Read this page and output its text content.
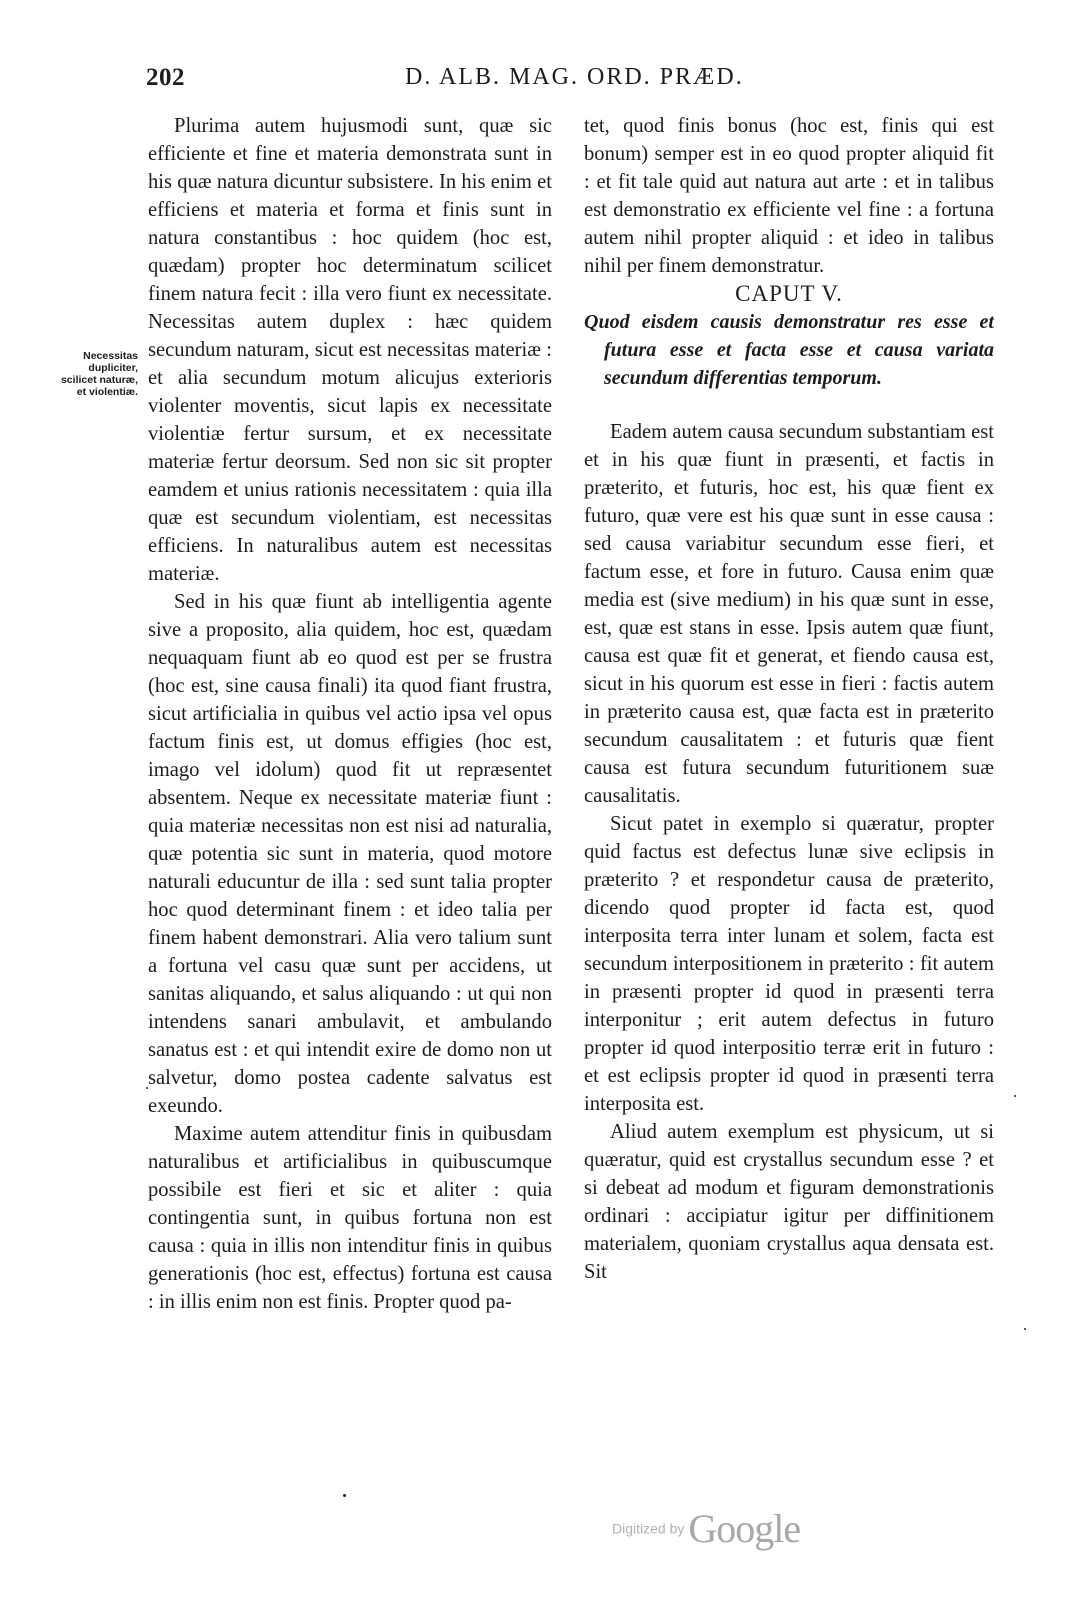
202	D. ALB. MAG. ORD. PRÆD.
Necessitas dupliciter, scilicet naturæ, et violentiæ.

Plurima autem hujusmodi sunt, quæ sic efficiente et fine et materia demonstrata sunt in his quæ natura dicuntur subsistere. In his enim et efficiens et materia et forma et finis sunt in natura constantibus : hoc quidem (hoc est, quædam) propter hoc determinatum scilicet finem natura fecit : illa vero fiunt ex necessitate. Necessitas autem duplex : hæc quidem secundum naturam, sicut est necessitas materiæ : et alia secundum motum alicujus exterioris violenter moventis, sicut lapis ex necessitate violentiæ fertur sursum, et ex necessitate materiæ fertur deorsum. Sed non sic sit propter eamdem et unius rationis necessitatem : quia illa quæ est secundum violentiam, est necessitas efficiens. In naturalibus autem est necessitas materiæ.

Sed in his quæ fiunt ab intelligentia agente sive a proposito, alia quidem, hoc est, quædam nequaquam fiunt ab eo quod est per se frustra (hoc est, sine causa finali) ita quod fiant frustra, sicut artificialia in quibus vel actio ipsa vel opus factum finis est, ut domus effigies (hoc est, imago vel idolum) quod fit ut repræsentet absentem. Neque ex necessitate materiæ fiunt : quia materiæ necessitas non est nisi ad naturalia, quæ potentia sic sunt in materia, quod motore naturali educuntur de illa : sed sunt talia propter hoc quod determinant finem : et ideo talia per finem habent demonstrari. Alia vero talium sunt a fortuna vel casu quæ sunt per accidens, ut sanitas aliquando, et salus aliquando : ut qui non intendens sanari ambulavit, et ambulando sanatus est : et qui intendit exire de domo non ut salvetur, domo postea cadente salvatus est exeundo.

Maxime autem attenditur finis in quibusdam naturalibus et artificialibus in quibuscumque possibile est fieri et sic et aliter : quia contingentia sunt, in quibus fortuna non est causa : quia in illis non intenditur finis in quibus generationis (hoc est, effectus) fortuna est causa : in illis enim non est finis. Propter quod pa-

tet, quod finis bonus (hoc est, finis qui est bonum) semper est in eo quod propter aliquid fit : et fit tale quid aut natura aut arte : et in talibus est demonstratio ex efficiente vel fine : a fortuna autem nihil propter aliquid : et ideo in talibus nihil per finem demonstratur.

CAPUT V.

Quod eisdem causis demonstratur res esse et futura esse et facta esse et causa variata secundum differentias temporum.

Eadem autem causa secundum substantiam est et in his quæ fiunt in præsenti, et factis in præterito, et futuris, hoc est, his quæ fient ex futuro, quæ vere est his quæ sunt in esse causa : sed causa variabitur secundum esse fieri, et factum esse, et fore in futuro. Causa enim quæ media est (sive medium) in his quæ sunt in esse, est, quæ est stans in esse. Ipsis autem quæ fiunt, causa est quæ fit et generat, et fiendo causa est, sicut in his quorum est esse in fieri : factis autem in præterito causa est, quæ facta est in præterito secundum causalitatem : et futuris quæ fient causa est futura secundum futuritionem suæ causalitatis.

Sicut patet in exemplo si quæratur, propter quid factus est defectus lunæ sive eclipsis in præterito ? et respondetur causa de præterito, dicendo quod propter id facta est, quod interposita terra inter lunam et solem, facta est secundum interpositionem in præterito : fit autem in præsenti propter id quod in præsenti terra interponitur ; erit autem defectus in futuro propter id quod interpositio terræ erit in futuro : et est eclipsis propter id quod in præsenti terra interposita est.

Aliud autem exemplum est physicum, ut si quæratur, quid est crystallus secundum esse ? et si debeat ad modum et figuram demonstrationis ordinari : accipiatur igitur per diffinitionem materialem, quoniam crystallus aqua densata est. Sit

Digitized by Google
